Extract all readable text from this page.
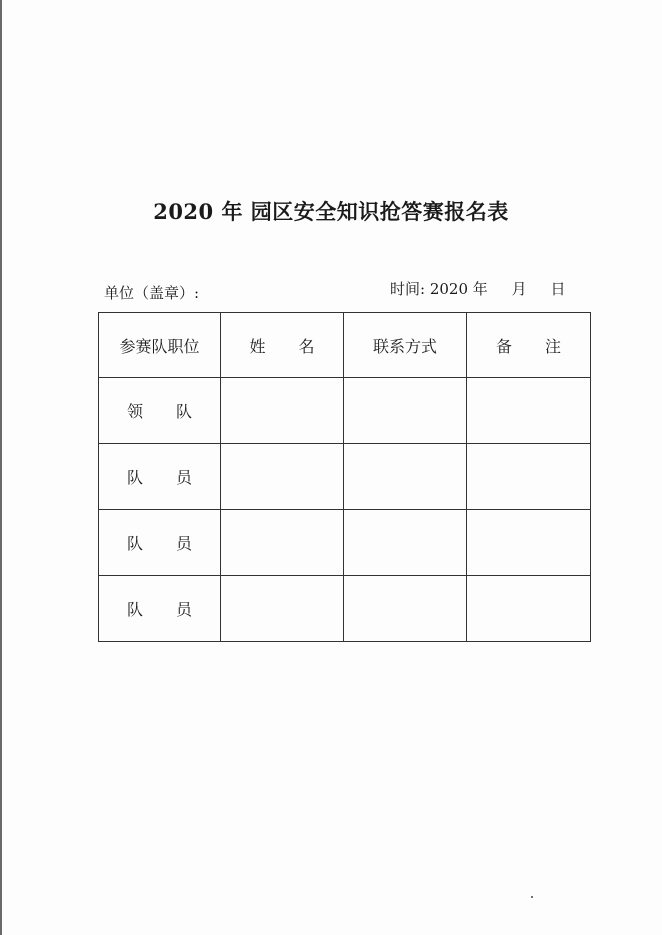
2020 年 园区安全知识抢答赛报名表
单位（盖章）:	时间: 2020 年     月     日
参赛队职位	姓 名	联系方式	备 注
领 队			
队 员			
队 员			
队 员			
